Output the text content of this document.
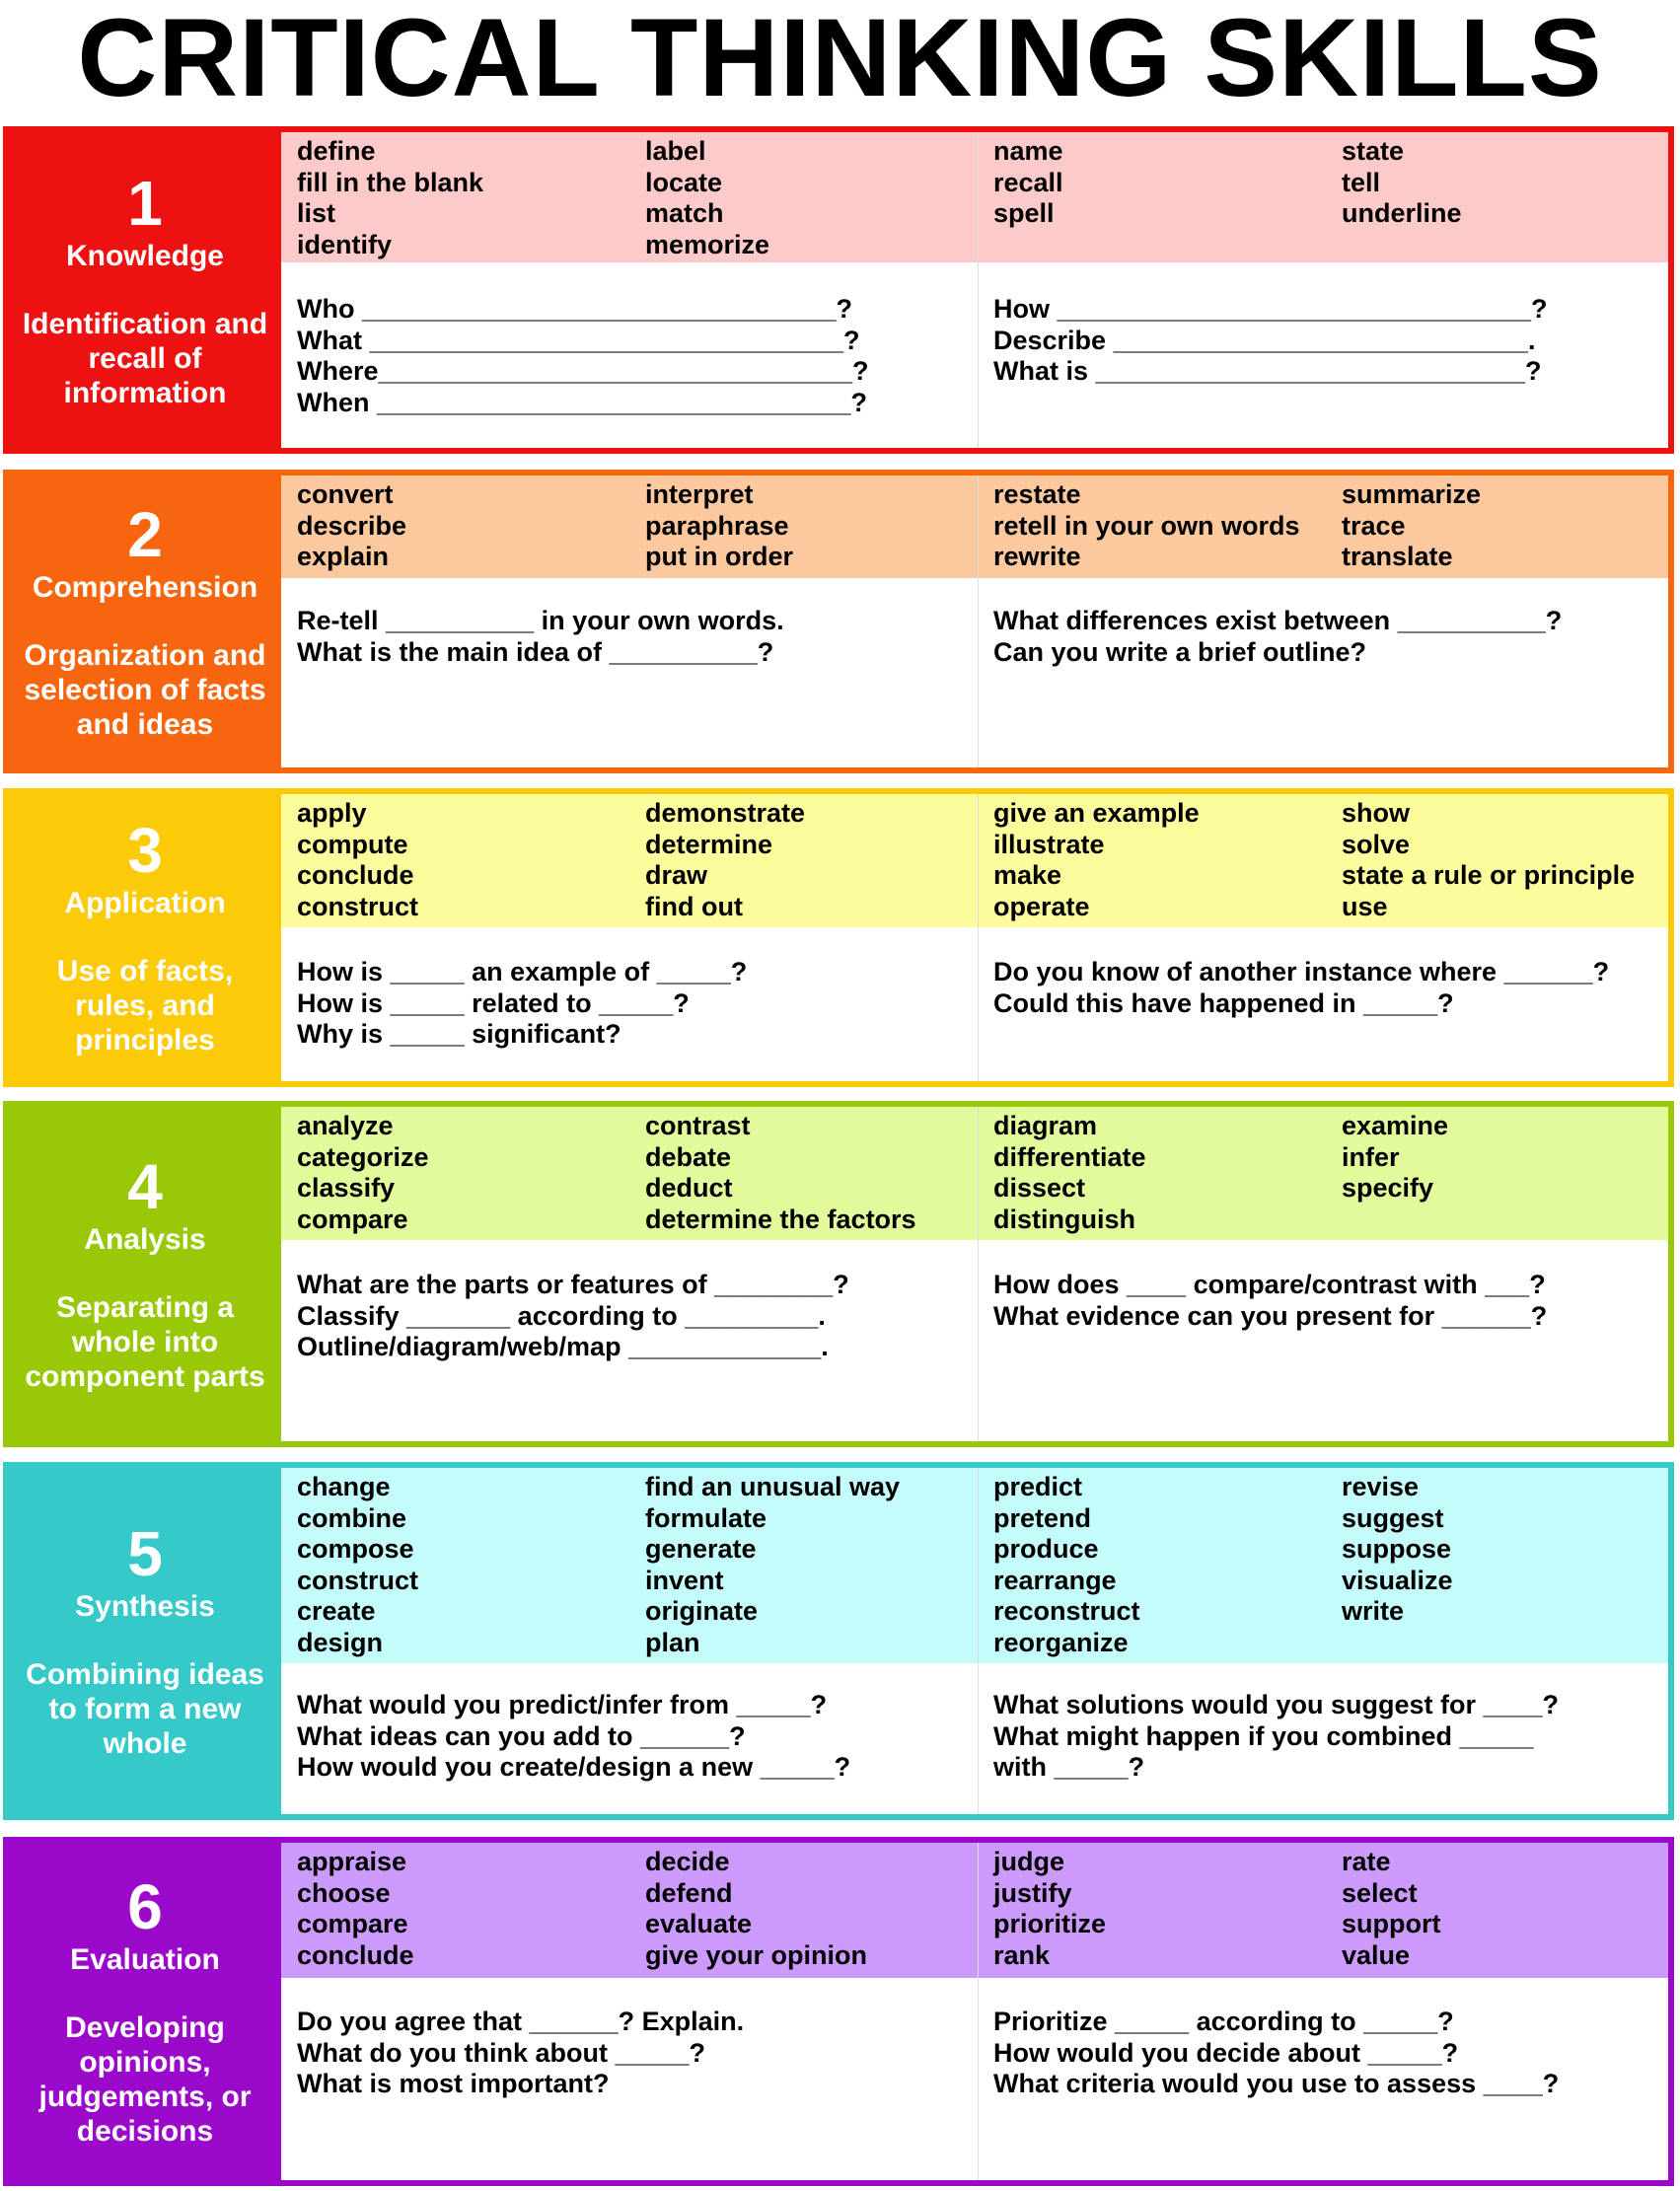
CRITICAL THINKING SKILLS
1
Knowledge
Identification and recall of information
define
fill in the blank
list
identify
label
locate
match
memorize
name
recall
spell
state
tell
underline
Who ________________________________?
What ________________________________?
Where________________________________?
When ________________________________?
How ________________________________?
Describe ____________________________.
What is _____________________________?
2
Comprehension
Organization and selection of facts and ideas
convert
describe
explain
interpret
paraphrase
put in order
restate
retell in your own words
rewrite
summarize
trace
translate
Re-tell __________ in your own words.
What is the main idea of __________?
What differences exist between __________?
Can you write a brief outline?
3
Application
Use of facts, rules, and principles
apply
compute
conclude
construct
demonstrate
determine
draw
find out
give an example
illustrate
make
operate
show
solve
state a rule or principle
use
How is _____ an example of _____?
How is _____ related to _____?
Why is _____ significant?
Do you know of another instance where ______?
Could this have happened in _____?
4
Analysis
Separating a whole into component parts
analyze
categorize
classify
compare
contrast
debate
deduct
determine the factors
diagram
differentiate
dissect
distinguish
examine
infer
specify
What are the parts or features of ________?
Classify _______ according to _________.
Outline/diagram/web/map _____________.
How does ____ compare/contrast with ___?
What evidence can you present for ______?
5
Synthesis
Combining ideas to form a new whole
change
combine
compose
construct
create
design
find an unusual way
formulate
generate
invent
originate
plan
predict
pretend
produce
rearrange
reconstruct
reorganize
revise
suggest
suppose
visualize
write
What would you predict/infer from _____?
What ideas can you add to ______?
How would you create/design a new _____?
What solutions would you suggest for ____?
What might happen if you combined _____
with _____?
6
Evaluation
Developing opinions, judgements, or decisions
appraise
choose
compare
conclude
decide
defend
evaluate
give your opinion
judge
justify
prioritize
rank
rate
select
support
value
Do you agree that ______? Explain.
What do you think about _____?
What is most important?
Prioritize _____ according to _____?
How would you decide about _____?
What criteria would you use to assess ____?
